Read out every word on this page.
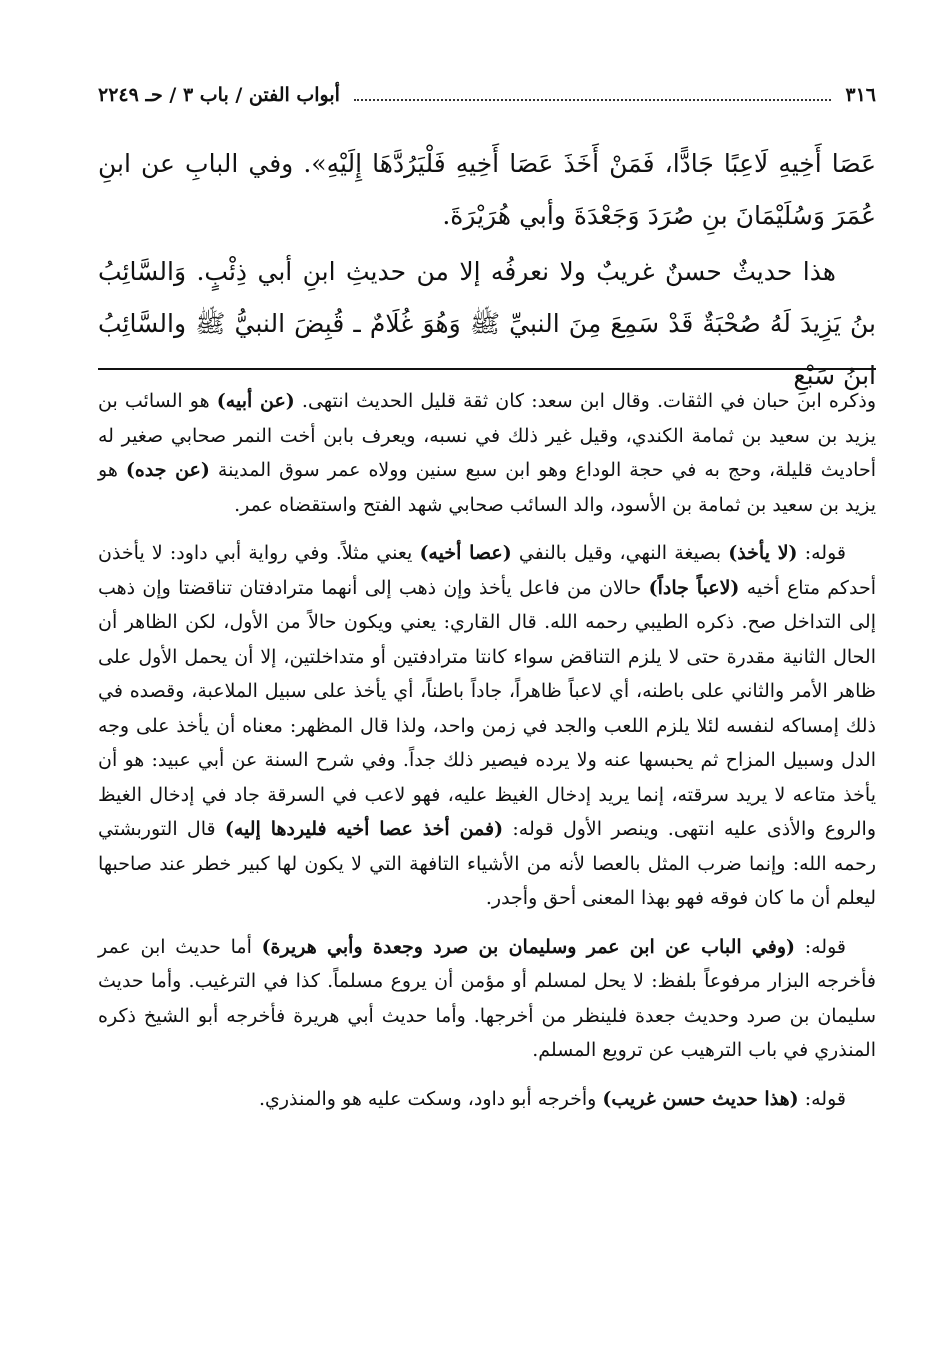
٣١٦
أبواب الفتن / باب ٣ / حـ ٢٢٤٩

عَصَا أَخِيهِ لَاعِبًا جَادًّا، فَمَنْ أَخَذَ عَصَا أَخِيهِ فَلْيَرُدَّهَا إِلَيْهِ». وفي البابِ عن ابنِ عُمَرَ وَسُلَيْمَانَ بنِ صُرَدَ وَجَعْدَةَ وأبي هُرَيْرَةَ.

هذا حديثٌ حسنٌ غريبٌ ولا نعرفُه إلا من حديثِ ابنِ أبي ذِئْبٍ. وَالسَّائِبُ بنُ يَزِيدَ لَهُ صُحْبَةٌ قَدْ سَمِعَ مِنَ النبيِّ ﷺ وَهُوَ غُلَامٌ ـ قُبِضَ النبيُّ ﷺ والسَّائِبُ ابنُ سَبْعِ

وذكره ابن حبان في الثقات. وقال ابن سعد: كان ثقة قليل الحديث انتهى. (عن أبيه) هو السائب بن يزيد بن سعيد بن ثمامة الكندي، وقيل غير ذلك في نسبه، ويعرف بابن أخت النمر صحابي صغير له أحاديث قليلة، وحج به في حجة الوداع وهو ابن سبع سنين وولاه عمر سوق المدينة (عن جده) هو يزيد بن سعيد بن ثمامة بن الأسود، والد السائب صحابي شهد الفتح واستقضاه عمر.

قوله: (لا يأخذ) بصيغة النهي، وقيل بالنفي (عصا أخيه) يعني مثلاً. وفي رواية أبي داود: لا يأخذن أحدكم متاع أخيه (لاعباً جاداً) حالان من فاعل يأخذ وإن ذهب إلى أنهما مترادفتان تناقضتا وإن ذهب إلى التداخل صح. ذكره الطيبي رحمه الله. قال القاري: يعني ويكون حالاً من الأول، لكن الظاهر أن الحال الثانية مقدرة حتى لا يلزم التناقض سواء كانتا مترادفتين أو متداخلتين، إلا أن يحمل الأول على ظاهر الأمر والثاني على باطنه، أي لاعباً ظاهراً، جاداً باطناً، أي يأخذ على سبيل الملاعبة، وقصده في ذلك إمساكه لنفسه لئلا يلزم اللعب والجد في زمن واحد، ولذا قال المظهر: معناه أن يأخذ على وجه الدل وسبيل المزاح ثم يحبسها عنه ولا يرده فيصير ذلك جداً. وفي شرح السنة عن أبي عبيد: هو أن يأخذ متاعه لا يريد سرقته، إنما يريد إدخال الغيظ عليه، فهو لاعب في السرقة جاد في إدخال الغيظ والروع والأذى عليه انتهى. وينصر الأول قوله: (فمن أخذ عصا أخيه فليردها إليه) قال التوربشتي رحمه الله: وإنما ضرب المثل بالعصا لأنه من الأشياء التافهة التي لا يكون لها كبير خطر عند صاحبها ليعلم أن ما كان فوقه فهو بهذا المعنى أحق وأجدر.

قوله: (وفي الباب عن ابن عمر وسليمان بن صرد وجعدة وأبي هريرة) أما حديث ابن عمر فأخرجه البزار مرفوعاً بلفظ: لا يحل لمسلم أو مؤمن أن يروع مسلماً. كذا في الترغيب. وأما حديث سليمان بن صرد وحديث جعدة فلينظر من أخرجها. وأما حديث أبي هريرة فأخرجه أبو الشيخ ذكره المنذري في باب الترهيب عن ترويع المسلم.

قوله: (هذا حديث حسن غريب) وأخرجه أبو داود، وسكت عليه هو والمنذري.
